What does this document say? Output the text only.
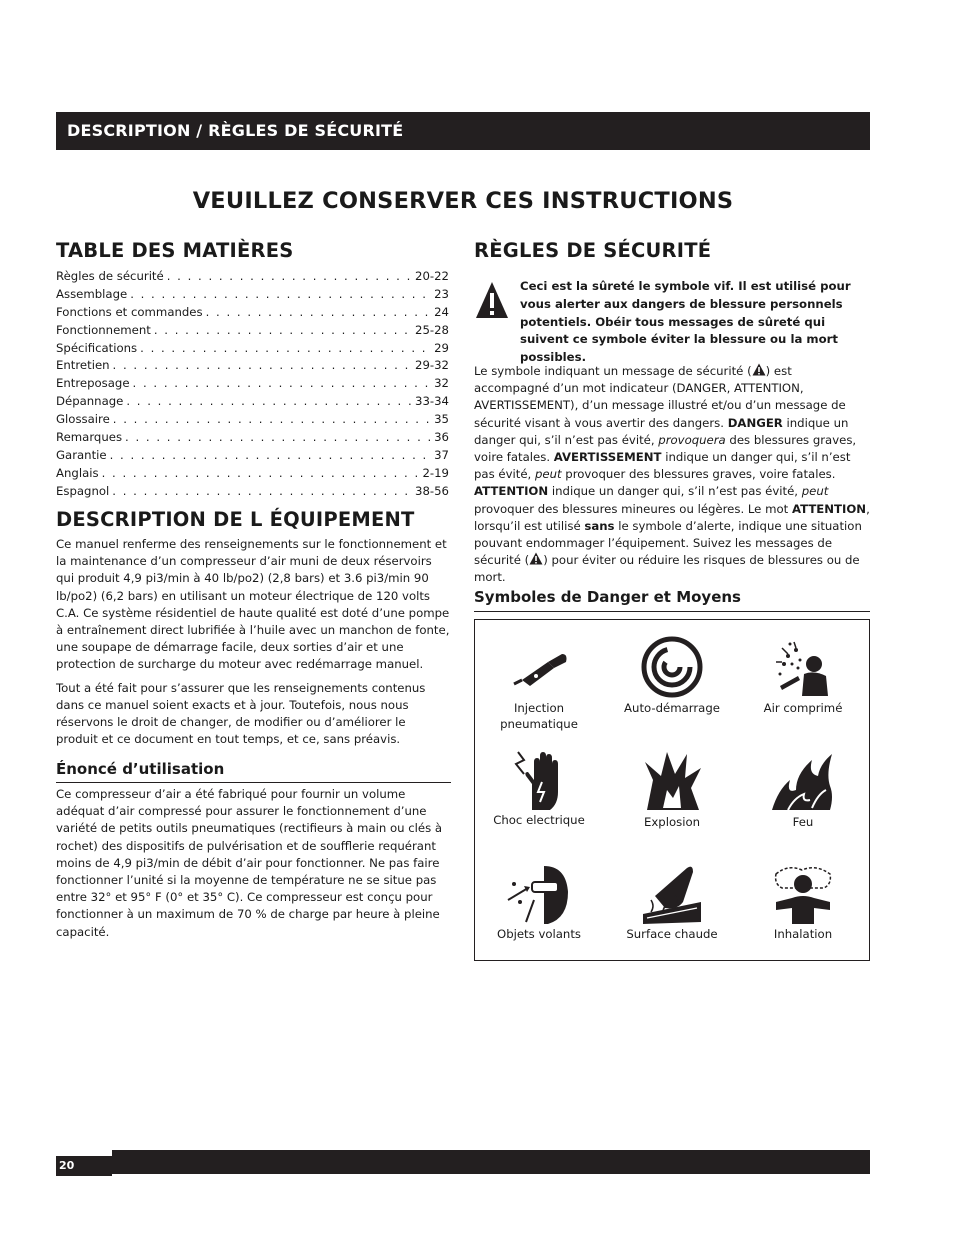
DESCRIPTION / RÈGLES DE SÉCURITÉ
VEUILLEZ CONSERVER CES INSTRUCTIONS
TABLE DES MATIÈRES
Règles de sécurité . . .	20-22
Assemblage . . .	23
Fonctions et commandes . . .	24
Fonctionnement . . .	25-28
Spécifications . . .	29
Entretien . . .	29-32
Entreposage . . .	32
Dépannage . . .	33-34
Glossaire . . .	35
Remarques . . .	36
Garantie . . .	37
Anglais . . .	2-19
Espagnol . . .	38-56
DESCRIPTION DE L ÉQUIPEMENT

Ce manuel renferme des renseignements sur le fonctionnement et la maintenance d’un compresseur d’air muni de deux réservoirs qui produit 4,9 pi3/min à 40 lb/po2) (2,8 bars) et 3.6 pi3/min 90 lb/po2) (6,2 bars) en utilisant un moteur électrique de 120 volts C.A. Ce système résidentiel de haute qualité est doté d’une pompe à entraînement direct lubrifiée à l’huile avec un manchon de fonte, une soupape de démarrage facile, deux sorties d’air et une protection de surcharge du moteur avec redémarrage manuel.

Tout a été fait pour s’assurer que les renseignements contenus dans ce manuel soient exacts et à jour. Toutefois, nous nous réservons le droit de changer, de modifier ou d’améliorer le produit et ce document en tout temps, et ce, sans préavis.

Énoncé d’utilisation
Ce compresseur d’air a été fabriqué pour fournir un volume adéquat d’air compressé pour assurer le fonctionnement d’une variété de petits outils pneumatiques (rectifieurs à main ou clés à rochet) des dispositifs de pulvérisation et de soufflerie requérant moins de 4,9 pi3/min de débit d’air pour fonctionner. Ne pas faire fonctionner l’unité si la moyenne de température ne se situe pas entre 32° et 95° F (0° et 35° C). Ce compresseur est conçu pour fonctionner à un maximum de 70 % de charge par heure à pleine capacité.
RÈGLES DE SÉCURITÉ
Ceci est la sûreté le symbole vif. Il est utilisé pour vous alerter aux dangers de blessure personnels potentiels. Obéir tous messages de sûreté qui suivent ce symbole éviter la blessure ou la mort possibles.
Le symbole indiquant un message de sécurité ( ) est accompagné d’un mot indicateur (DANGER, ATTENTION, AVERTISSEMENT), d’un message illustré et/ou d’un message de sécurité visant à vous avertir des dangers. DANGER indique un danger qui, s’il n’est pas évité, provoquera des blessures graves, voire fatales. AVERTISSEMENT indique un danger qui, s’il n’est pas évité, peut provoquer des blessures graves, voire fatales. ATTENTION indique un danger qui, s’il n’est pas évité, peut provoquer des blessures mineures ou légères. Le mot ATTENTION, lorsqu’il est utilisé sans le symbole d’alerte, indique une situation pouvant endommager l’équipement. Suivez les messages de sécurité ( ) pour éviter ou réduire les risques de blessures ou de mort.
Symboles de Danger et Moyens
Injection pneumatique
Auto-démarrage	Air comprimé
Choc electrique	Explosion	Feu
Objets volants	Surface chaude	Inhalation
20
